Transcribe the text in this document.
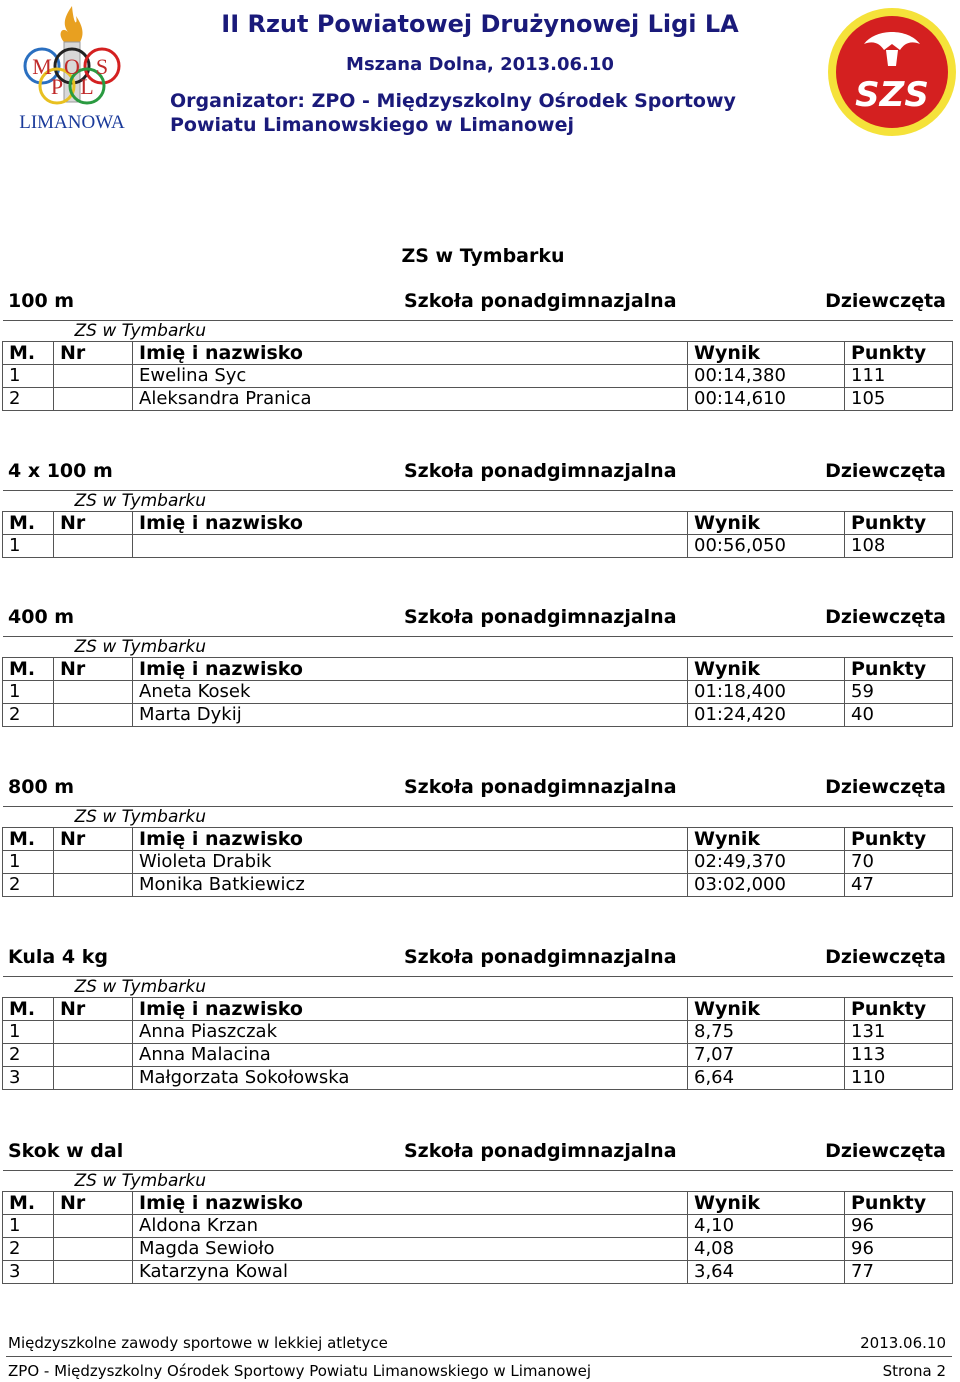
M O S
P L
LIMANOWA
SZS
II Rzut Powiatowej Drużynowej Ligi LA
Mszana Dolna, 2013.06.10
Organizator: ZPO - Międzyszkolny Ośrodek Sportowy
Powiatu Limanowskiego w Limanowej
ZS w Tymbarku
100 m	Szkoła ponadgimnazjalna	Dziewczęta
ZS w Tymbarku				
M.	Nr	Imię i nazwisko	Wynik	Punkty
1		Ewelina Syc	00:14,380	111
2		Aleksandra Pranica	00:14,610	105
4 x 100 m	Szkoła ponadgimnazjalna	Dziewczęta
ZS w Tymbarku				
M.	Nr	Imię i nazwisko	Wynik	Punkty
1			00:56,050	108
400 m	Szkoła ponadgimnazjalna	Dziewczęta
ZS w Tymbarku				
M.	Nr	Imię i nazwisko	Wynik	Punkty
1		Aneta Kosek	01:18,400	59
2		Marta Dykij	01:24,420	40
800 m	Szkoła ponadgimnazjalna	Dziewczęta
ZS w Tymbarku				
M.	Nr	Imię i nazwisko	Wynik	Punkty
1		Wioleta Drabik	02:49,370	70
2		Monika Batkiewicz	03:02,000	47
Kula 4 kg	Szkoła ponadgimnazjalna	Dziewczęta
ZS w Tymbarku				
M.	Nr	Imię i nazwisko	Wynik	Punkty
1		Anna Piaszczak	8,75	131
2		Anna Malacina	7,07	113
3		Małgorzata Sokołowska	6,64	110
Skok w dal	Szkoła ponadgimnazjalna	Dziewczęta
ZS w Tymbarku				
M.	Nr	Imię i nazwisko	Wynik	Punkty
1		Aldona Krzan	4,10	96
2		Magda Sewioło	4,08	96
3		Katarzyna Kowal	3,64	77
Międzyszkolne zawody sportowe w lekkiej atletyce	2013.06.10
ZPO - Międzyszkolny Ośrodek Sportowy Powiatu Limanowskiego w Limanowej	Strona 2
